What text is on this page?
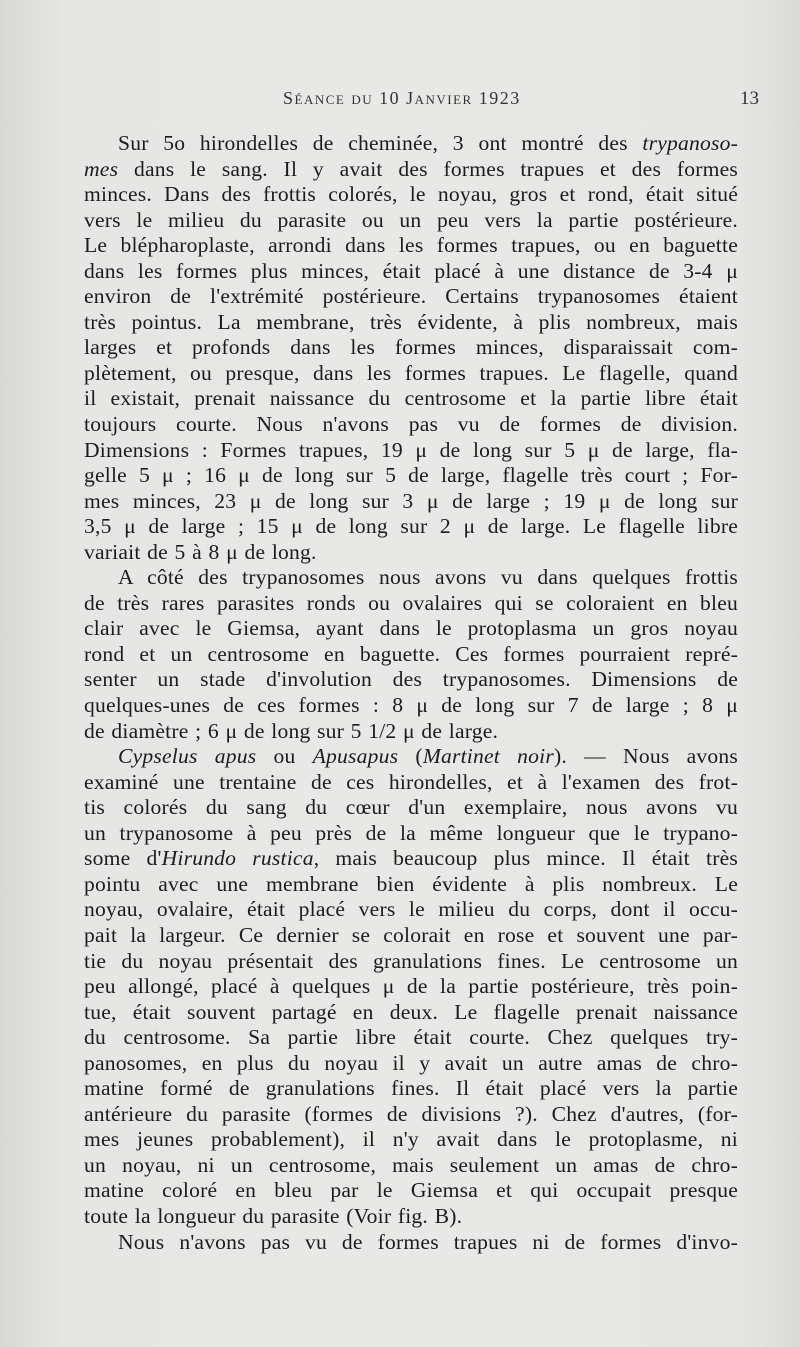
Séance du 10 Janvier 1923	13
Sur 5o hirondelles de cheminée, 3 ont montré des trypanoso-
mes dans le sang. Il y avait des formes trapues et des formes
minces. Dans des frottis colorés, le noyau, gros et rond, était situé
vers le milieu du parasite ou un peu vers la partie postérieure.
Le blépharoplaste, arrondi dans les formes trapues, ou en baguette
dans les formes plus minces, était placé à une distance de 3-4 μ
environ de l'extrémité postérieure. Certains trypanosomes étaient
très pointus. La membrane, très évidente, à plis nombreux, mais
larges et profonds dans les formes minces, disparaissait com-
plètement, ou presque, dans les formes trapues. Le flagelle, quand
il existait, prenait naissance du centrosome et la partie libre était
toujours courte. Nous n'avons pas vu de formes de division.
Dimensions : Formes trapues, 19 μ de long sur 5 μ de large, fla-
gelle 5 μ ; 16 μ de long sur 5 de large, flagelle très court ; For-
mes minces, 23 μ de long sur 3 μ de large ; 19 μ de long sur
3,5 μ de large ; 15 μ de long sur 2 μ de large. Le flagelle libre
variait de 5 à 8 μ de long.
A côté des trypanosomes nous avons vu dans quelques frottis
de très rares parasites ronds ou ovalaires qui se coloraient en bleu
clair avec le Giemsa, ayant dans le protoplasma un gros noyau
rond et un centrosome en baguette. Ces formes pourraient repré-
senter un stade d'involution des trypanosomes. Dimensions de
quelques-unes de ces formes : 8 μ de long sur 7 de large ; 8 μ
de diamètre ; 6 μ de long sur 5 1/2 μ de large.
Cypselus apus ou Apusapus (Martinet noir). — Nous avons
examiné une trentaine de ces hirondelles, et à l'examen des frot-
tis colorés du sang du cœur d'un exemplaire, nous avons vu
un trypanosome à peu près de la même longueur que le trypano-
some d'Hirundo rustica, mais beaucoup plus mince. Il était très
pointu avec une membrane bien évidente à plis nombreux. Le
noyau, ovalaire, était placé vers le milieu du corps, dont il occu-
pait la largeur. Ce dernier se colorait en rose et souvent une par-
tie du noyau présentait des granulations fines. Le centrosome un
peu allongé, placé à quelques μ de la partie postérieure, très poin-
tue, était souvent partagé en deux. Le flagelle prenait naissance
du centrosome. Sa partie libre était courte. Chez quelques try-
panosomes, en plus du noyau il y avait un autre amas de chro-
matine formé de granulations fines. Il était placé vers la partie
antérieure du parasite (formes de divisions ?). Chez d'autres, (for-
mes jeunes probablement), il n'y avait dans le protoplasme, ni
un noyau, ni un centrosome, mais seulement un amas de chro-
matine coloré en bleu par le Giemsa et qui occupait presque
toute la longueur du parasite (Voir fig. B).
Nous n'avons pas vu de formes trapues ni de formes d'invo-
